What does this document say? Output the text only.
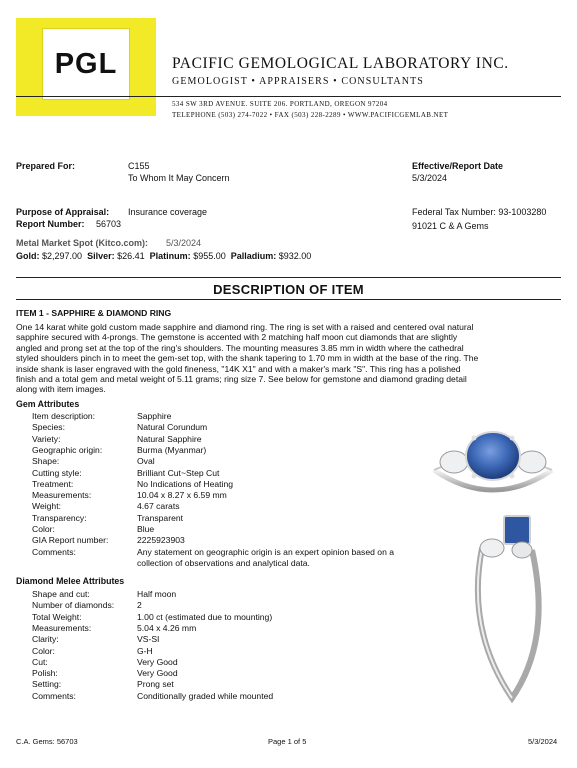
PGL	PACIFIC GEMOLOGICAL LABORATORY INC.
GEMOLOGIST • APPRAISERS • CONSULTANTS
534 SW 3RD AVENUE. SUITE 206. PORTLAND, OREGON 97204
TELEPHONE (503) 274-7022 • FAX (503) 228-2289 • WWW.PACIFICGEMLAB.NET
Prepared For:	C155
To Whom It May Concern
Effective/Report Date
5/3/2024
Purpose of Appraisal: Insurance coverage
Report Number: 56703
Federal Tax Number: 93-1003280
91021 C & A Gems
Metal Market Spot (Kitco.com): 5/3/2024
Gold: $2,297.00 Silver: $26.41 Platinum: $955.00 Palladium: $932.00
DESCRIPTION OF ITEM
ITEM 1 - SAPPHIRE & DIAMOND RING
One 14 karat white gold custom made sapphire and diamond ring. The ring is set with a raised and centered oval natural
sapphire secured with 4-prongs. The gemstone is accented with 2 matching half moon cut diamonds that are slightly
angled and prong set at the top of the ring's shoulders. The mounting measures 3.85 mm in width where the cathedral
styled shoulders pinch in to meet the gem-set top, with the shank tapering to 1.70 mm in width at the base of the ring. The
inside shank is laser engraved with the gold fineness, "14K X1" and with a maker's mark "S". This ring has a polished
finish and a total gem and metal weight of 5.11 grams; ring size 7. See below for gemstone and diamond grading detail
along with item images.
Gem Attributes
Item description:	Sapphire
Species:	Natural Corundum
Variety:	Natural Sapphire
Geographic origin:	Burma (Myanmar)
Shape:	Oval
Cutting style:	Brilliant Cut~Step Cut
Treatment:	No Indications of Heating
Measurements:	10.04 x 8.27 x 6.59 mm
Weight:	4.67 carats
Transparency:	Transparent
Color:	Blue
GIA Report number:	2225923903
Comments:	Any statement on geographic origin is an expert opinion based on a
collection of observations and analytical data.
Diamond Melee Attributes
Shape and cut:	Half moon
Number of diamonds:	2
Total Weight:	1.00 ct (estimated due to mounting)
Measurements:	5.04 x 4.26 mm
Clarity:	VS-SI
Color:	G-H
Cut:	Very Good
Polish:	Very Good
Setting:	Prong set
Comments:	Conditionally graded while mounted
C.A. Gems: 56703	Page 1 of 5	5/3/2024
